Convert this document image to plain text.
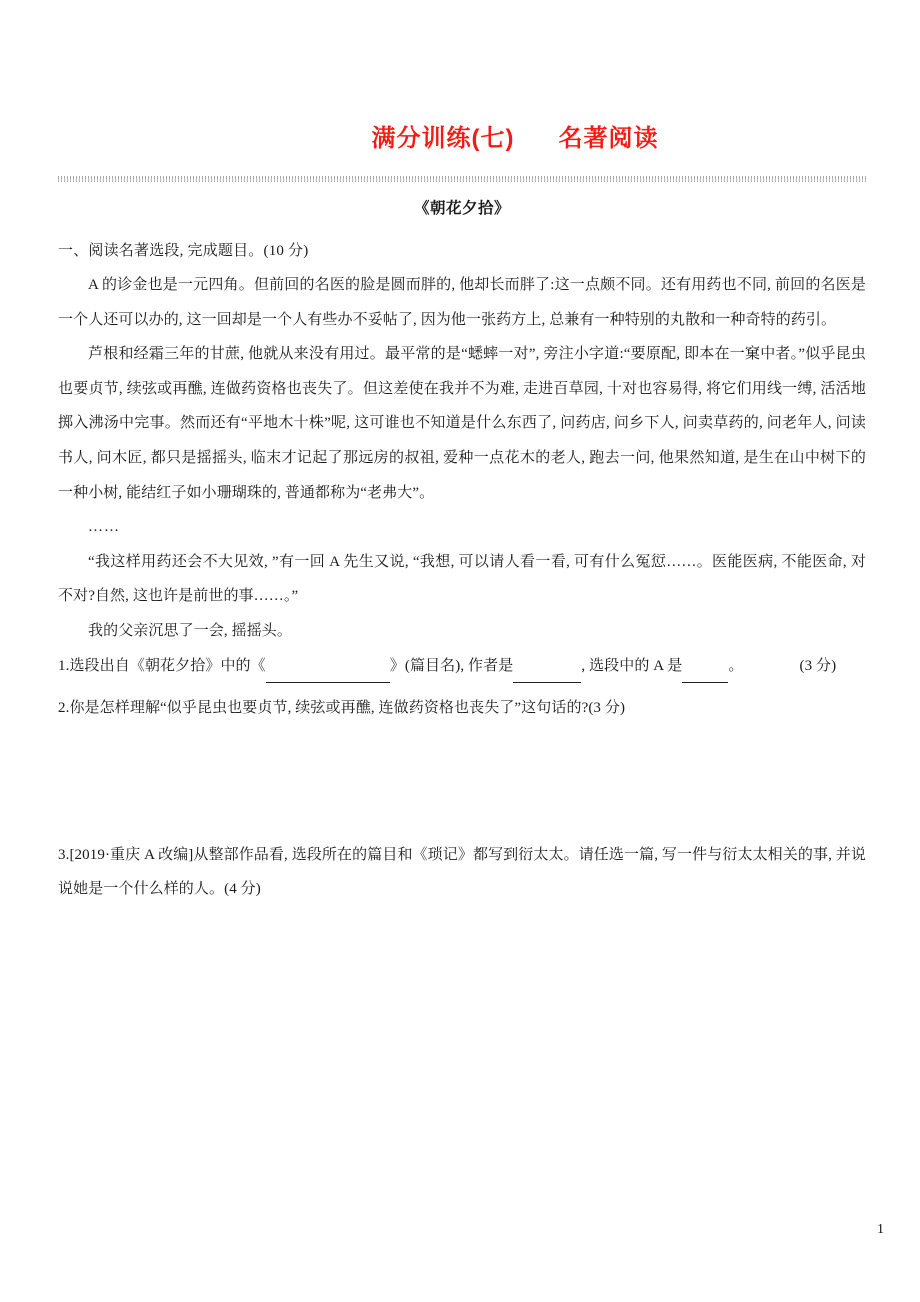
满分训练(七) 名著阅读
《朝花夕拾》

一、阅读名著选段, 完成题目。(10 分)

A 的诊金也是一元四角。但前回的名医的脸是圆而胖的, 他却长而胖了:这一点颇不同。还有用药也不同, 前回的名医是一个人还可以办的, 这一回却是一个人有些办不妥帖了, 因为他一张药方上, 总兼有一种特别的丸散和一种奇特的药引。

芦根和经霜三年的甘蔗, 他就从来没有用过。最平常的是“蟋蟀一对”, 旁注小字道:“要原配, 即本在一窠中者。”似乎昆虫也要贞节, 续弦或再醮, 连做药资格也丧失了。但这差使在我并不为难, 走进百草园, 十对也容易得, 将它们用线一缚, 活活地掷入沸汤中完事。然而还有“平地木十株”呢, 这可谁也不知道是什么东西了, 问药店, 问乡下人, 问卖草药的, 问老年人, 问读书人, 问木匠, 都只是摇摇头, 临末才记起了那远房的叔祖, 爱种一点花木的老人, 跑去一问, 他果然知道, 是生在山中树下的一种小树, 能结红子如小珊瑚珠的, 普通都称为“老弗大”。

……

“我这样用药还会不大见效, ”有一回 A 先生又说, “我想, 可以请人看一看, 可有什么冤愆……。医能医病, 不能医命, 对不对?自然, 这也许是前世的事……。”

我的父亲沉思了一会, 摇摇头。

1.选段出自《朝花夕拾》中的《	》(篇目名), 作者是	, 选段中的 A 是	。	(3 分)

2.你是怎样理解“似乎昆虫也要贞节, 续弦或再醮, 连做药资格也丧失了”这句话的?(3 分)

3.[2019·重庆 A 改编]从整部作品看, 选段所在的篇目和《琐记》都写到衍太太。请任选一篇, 写一件与衍太太相关的事, 并说说她是一个什么样的人。(4 分)

1
